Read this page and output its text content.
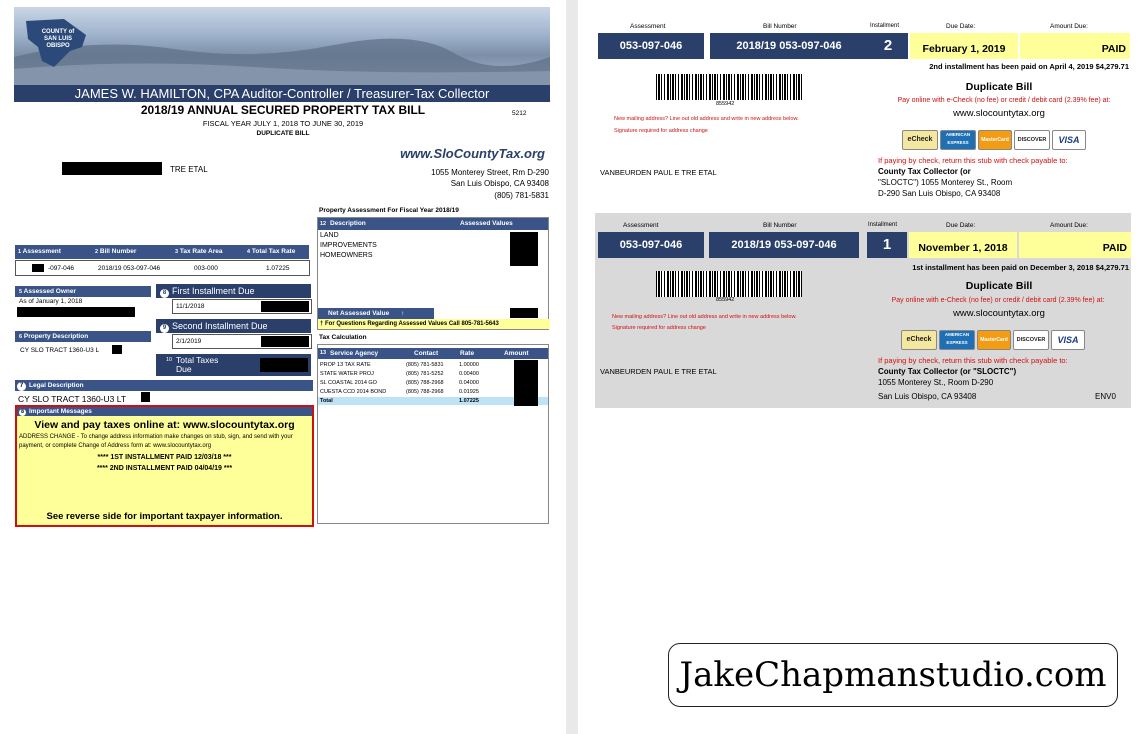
COUNTY of SAN LUIS OBISPO
JAMES W. HAMILTON, CPA Auditor-Controller / Treasurer-Tax Collector
2018/19 ANNUAL SECURED PROPERTY TAX BILL
FISCAL YEAR JULY 1, 2018 TO JUNE 30, 2019
DUPLICATE BILL
5212
TRE ETAL
www.SloCountyTax.org
1055 Monterey Street, Rm D-290
San Luis Obispo, CA 93408
(805) 781-5831
1 Assessment	2 Bill Number	3 Tax Rate Area	4 Total Tax Rate
-097-046	2018/19 053-097-046	003-000	1.07225
5 Assessed Owner
As of January 1, 2018
6 Property Description
CY SLO TRACT 1360-U3 L
8 First Installment Due
11/1/2018
9 Second Installment Due
2/1/2019
10 Total Taxes Due
7 Legal Description
CY SLO TRACT 1360-U3 LT
8 Important Messages
View and pay taxes online at: www.slocountytax.org
ADDRESS CHANGE - To change address information make changes on stub, sign, and send with your payment, or complete Change of Address form at: www.slocountytax.org
**** 1ST INSTALLMENT PAID 12/03/18 ***
**** 2ND INSTALLMENT PAID 04/04/19 ***
See reverse side for important taxpayer information.
Property Assessment For Fiscal Year 2018/19
12 Description	Assessed Values
LAND
IMPROVEMENTS
HOMEOWNERS
Net Assessed Value ↑
† For Questions Regarding Assessed Values Call 805-781-5643
Tax Calculation
13 Service Agency	Contact	Rate	Amount
PROP 13 TAX RATE	(805) 781-5831	1.00000
STATE WATER PROJ	(805) 781-5252	0.00400
SL COASTAL 2014 GO	(805) 788-2968	0.04000
CUESTA CCD 2014 BOND	(805) 788-2968	0.01925
Total	1.07225
Assessment	Bill Number	Installment	Due Date:	Amount Due:
053-097-046	2018/19 053-097-046	2	February 1, 2019	PAID
2nd installment has been paid on April 4, 2019 $4,279.71
855942
New mailing address? Line out old address and write in new address below.
Signature required for address change
VANBEURDEN PAUL E TRE ETAL
Duplicate Bill
Pay online with e-Check (no fee) or credit / debit card (2.39% fee) at:
www.slocountytax.org
eCheck
AMERICAN EXPRESS	MasterCard	DISCOVER	VISA
If paying by check, return this stub with check payable to:
County Tax Collector (or
"SLOCTC") 1055 Monterey St., Room
D-290 San Luis Obispo, CA 93408
Assessment	Bill Number	Installment	Due Date:	Amount Due:
053-097-046	2018/19 053-097-046	1	November 1, 2018	PAID
1st installment has been paid on December 3, 2018 $4,279.71
855942
New mailing address? Line out old address and write in new address below.
Signature required for address change
VANBEURDEN PAUL E TRE ETAL
Duplicate Bill
Pay online with e-Check (no fee) or credit / debit card (2.39% fee) at:
www.slocountytax.org
eCheck
AMERICAN EXPRESS	MasterCard	DISCOVER	VISA
If paying by check, return this stub with check payable to:
County Tax Collector (or "SLOCTC")
1055 Monterey St., Room D-290
San Luis Obispo, CA 93408	ENV0
JakeChapmanstudio.com
